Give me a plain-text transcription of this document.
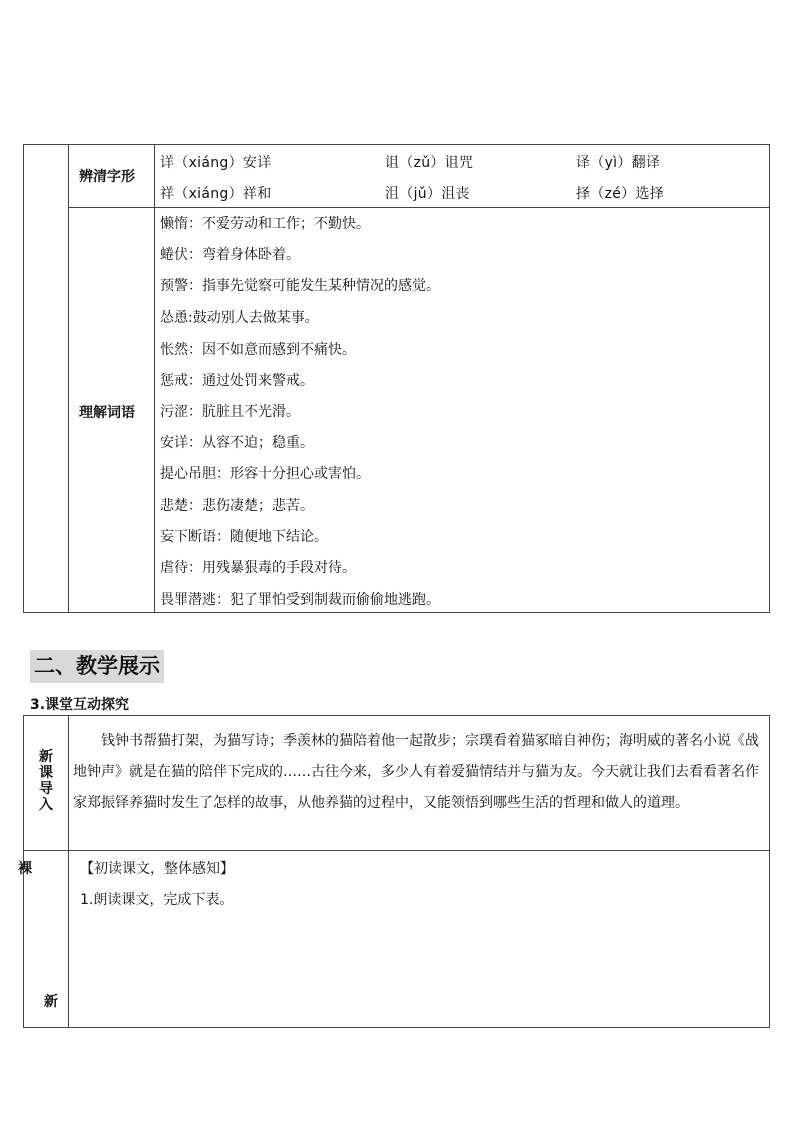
辨清字形
详（xiáng）安详	诅（zǔ）诅咒	译（yì）翻译
祥（xiáng）祥和	沮（jǔ）沮丧	择（zé）选择
理解词语
懒惰：不爱劳动和工作；不勤快。
蜷伏：弯着身体卧着。
预警：指事先觉察可能发生某种情况的感觉。
怂恿:鼓动别人去做某事。
怅然：因不如意而感到不痛快。
惩戒：通过处罚来警戒。
污涩：肮脏且不光滑。
安详：从容不迫；稳重。
提心吊胆：形容十分担心或害怕。
悲楚：悲伤凄楚；悲苦。
妄下断语：随便地下结论。
虐待：用残暴狠毒的手段对待。
畏罪潜逃：犯了罪怕受到制裁而偷偷地逃跑。
二、教学展示
3.课堂互动探究
新
课
导
入

钱钟书帮猫打架，为猫写诗；季羡林的猫陪着他一起散步；宗璞看着猫冢暗自神伤；海明威的著名小说《战地钟声》就是在猫的陪伴下完成的……古往今来，多少人有着爱猫情结并与猫为友。今天就让我们去看看著名作家郑振铎养猫时发生了怎样的故事，从他养猫的过程中，又能领悟到哪些生活的哲理和做人的道理。

【初读课文，整体感知】
1.朗读课文，完成下表。
新
裸
